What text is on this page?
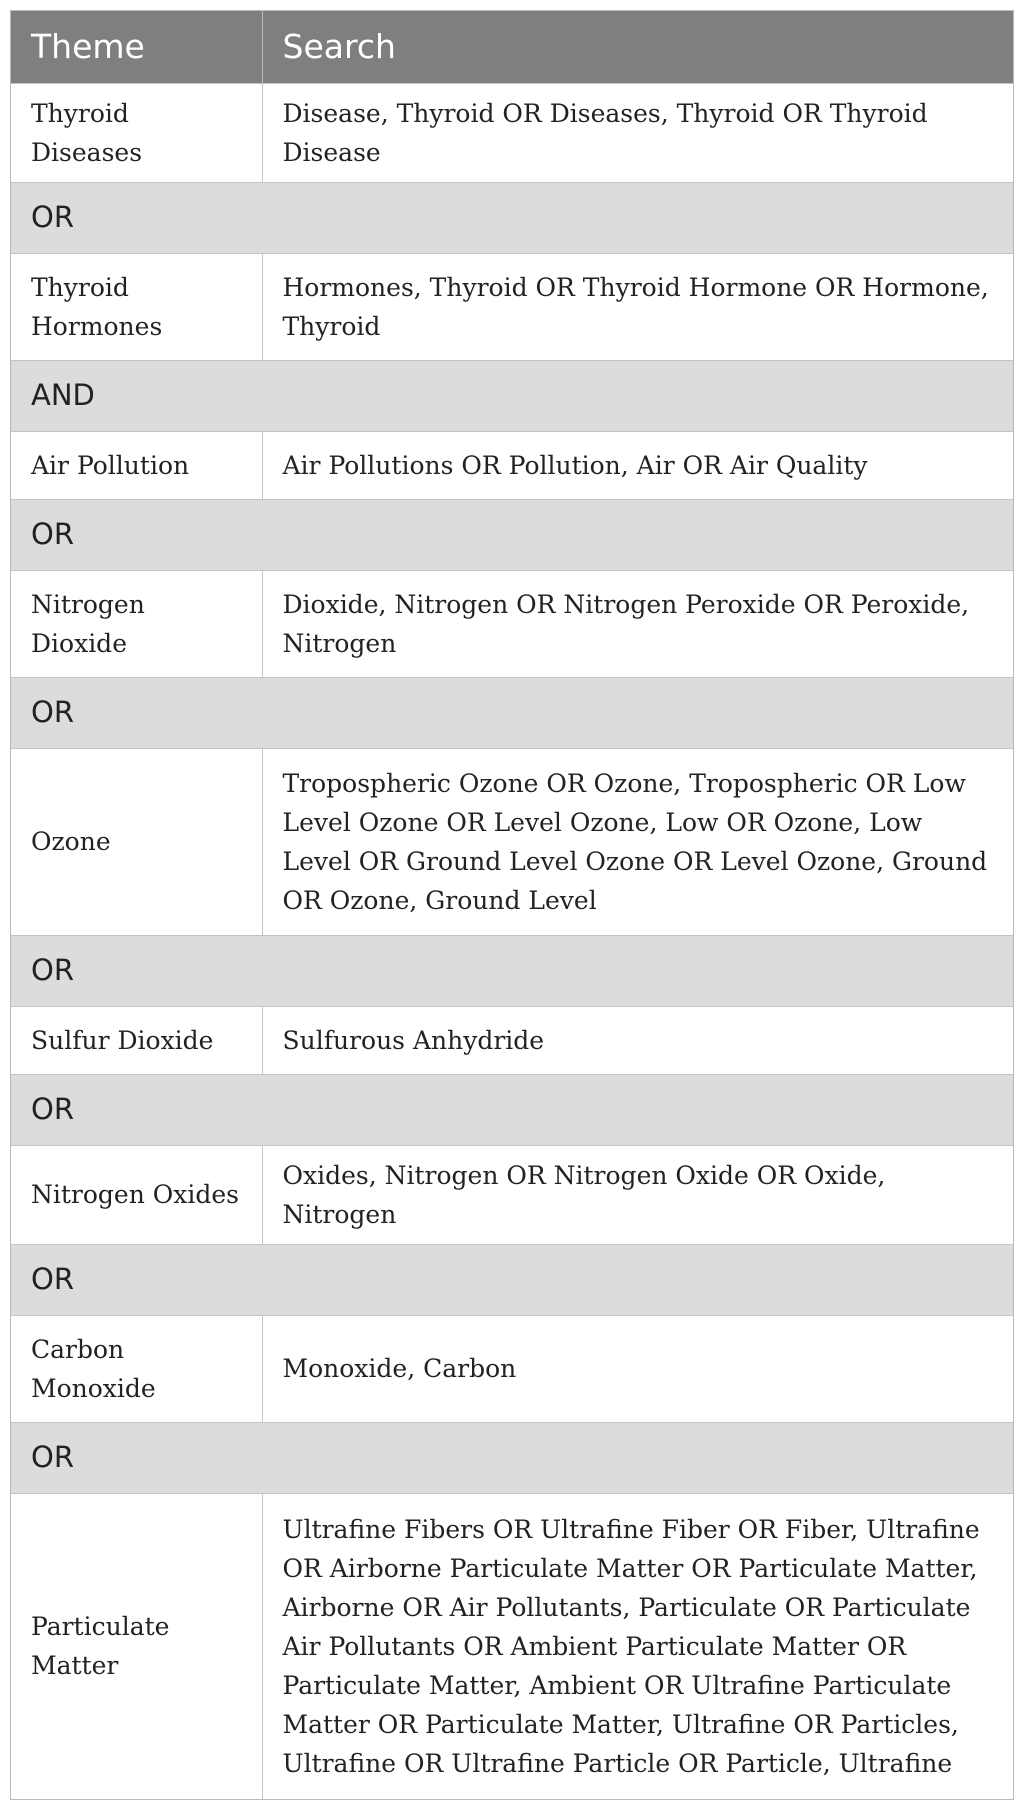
Theme	Search
Thyroid Diseases	Disease, Thyroid OR Diseases, Thyroid OR Thyroid Disease
OR	
Thyroid Hormones	Hormones, Thyroid OR Thyroid Hormone OR Hormone, Thyroid
AND	
Air Pollution	Air Pollutions OR Pollution, Air OR Air Quality
OR	
Nitrogen Dioxide	Dioxide, Nitrogen OR Nitrogen Peroxide OR Peroxide, Nitrogen
OR	
Ozone	Tropospheric Ozone OR Ozone, Tropospheric OR Low Level Ozone OR Level Ozone, Low OR Ozone, Low Level OR Ground Level Ozone OR Level Ozone, Ground OR Ozone, Ground Level
OR	
Sulfur Dioxide	Sulfurous Anhydride
OR	
Nitrogen Oxides	Oxides, Nitrogen OR Nitrogen Oxide OR Oxide, Nitrogen
OR	
Carbon Monoxide	Monoxide, Carbon
OR	
Particulate Matter	Ultrafine Fibers OR Ultrafine Fiber OR Fiber, Ultrafine OR Airborne Particulate Matter OR Particulate Matter, Airborne OR Air Pollutants, Particulate OR Particulate Air Pollutants OR Ambient Particulate Matter OR Particulate Matter, Ambient OR Ultrafine Particulate Matter OR Particulate Matter, Ultrafine OR Particles, Ultrafine OR Ultrafine Particle OR Particle, Ultrafine
